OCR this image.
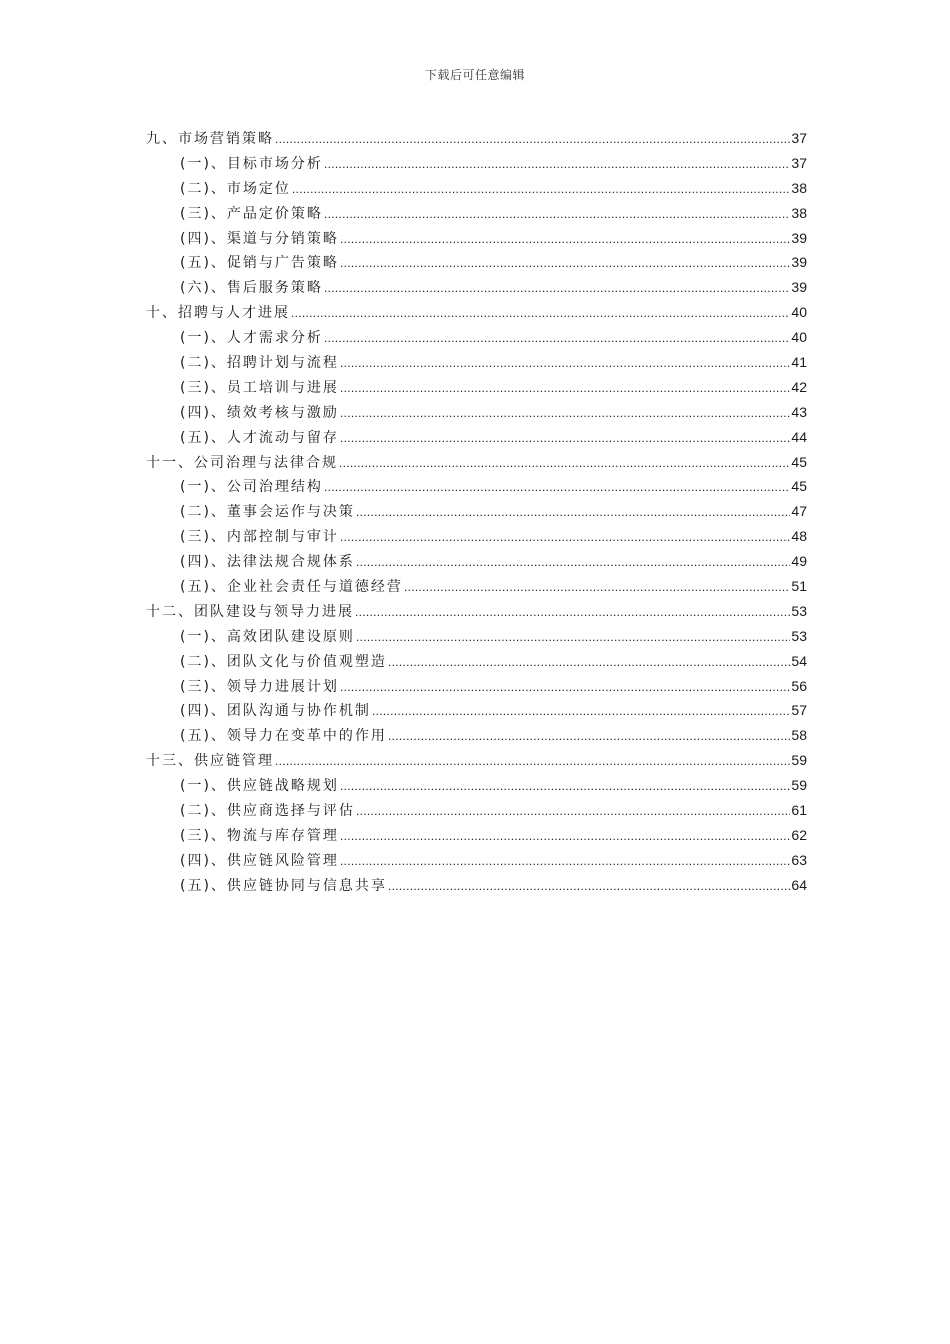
下载后可任意编辑
九、市场营销策略 .....	37
(一)、目标市场分析 .....	37
(二)、市场定位 .....	38
(三)、产品定价策略 .....	38
(四)、渠道与分销策略 .....	39
(五)、促销与广告策略 .....	39
(六)、售后服务策略 .....	39
十、招聘与人才进展 .....	40
(一)、人才需求分析 .....	40
(二)、招聘计划与流程 .....	41
(三)、员工培训与进展 .....	42
(四)、绩效考核与激励 .....	43
(五)、人才流动与留存 .....	44
十一、公司治理与法律合规 .....	45
(一)、公司治理结构 .....	45
(二)、董事会运作与决策 .....	47
(三)、内部控制与审计 .....	48
(四)、法律法规合规体系 .....	49
(五)、企业社会责任与道德经营 .....	51
十二、团队建设与领导力进展 .....	53
(一)、高效团队建设原则 .....	53
(二)、团队文化与价值观塑造 .....	54
(三)、领导力进展计划 .....	56
(四)、团队沟通与协作机制 .....	57
(五)、领导力在变革中的作用 .....	58
十三、供应链管理 .....	59
(一)、供应链战略规划 .....	59
(二)、供应商选择与评估 .....	61
(三)、物流与库存管理 .....	62
(四)、供应链风险管理 .....	63
(五)、供应链协同与信息共享 .....	64
